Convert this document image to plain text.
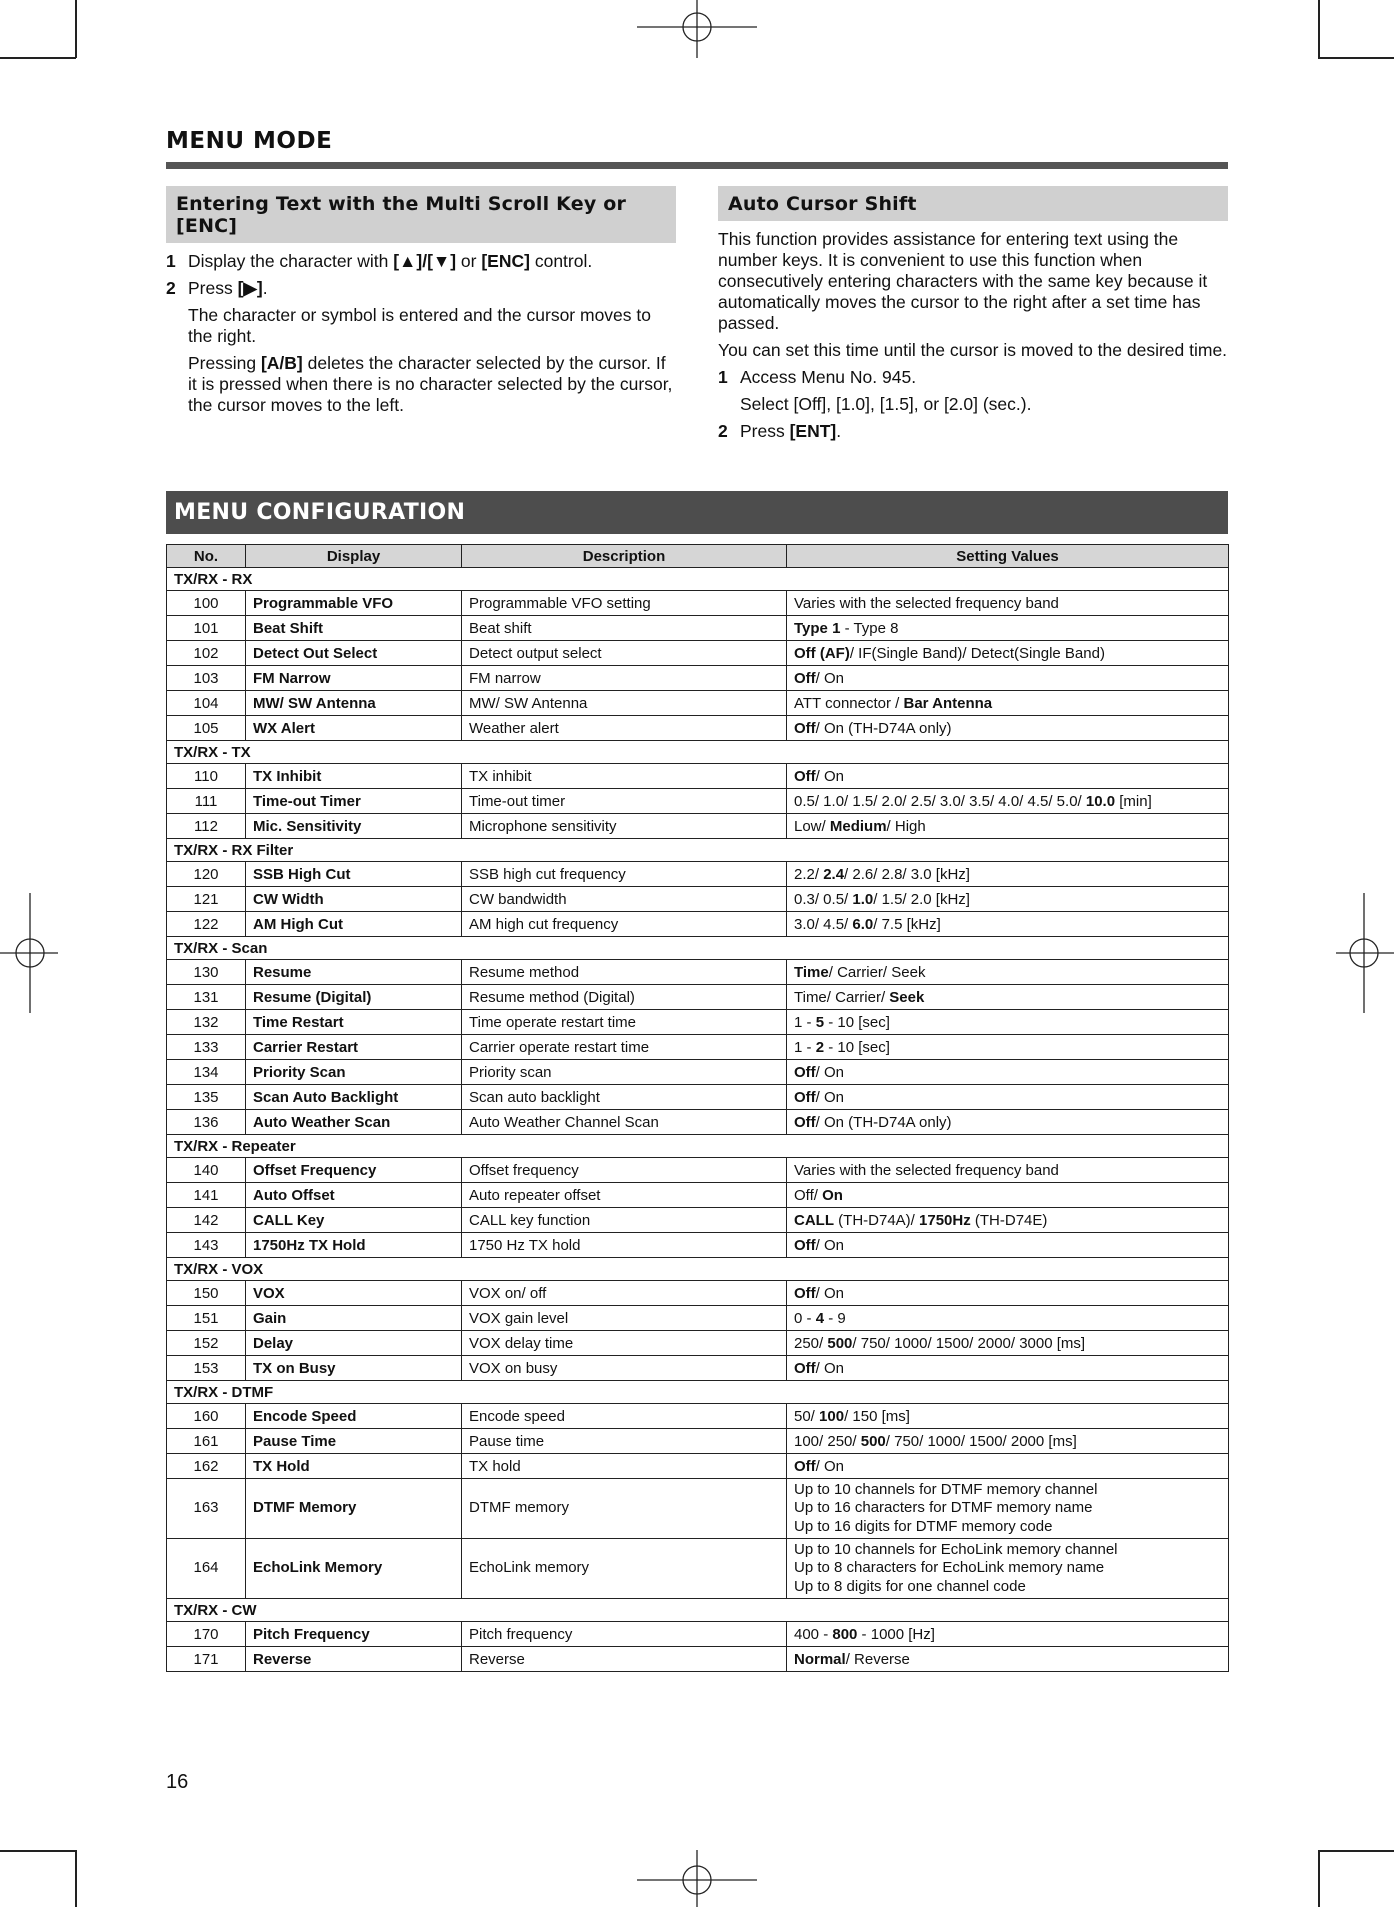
MENU MODE
Entering Text with the Multi Scroll Key or [ENC]
1 Display the character with [▲]/[▼] or [ENC] control.
2 Press [▶].
The character or symbol is entered and the cursor moves to the right.
Pressing [A/B] deletes the character selected by the cursor. If it is pressed when there is no character selected by the cursor, the cursor moves to the left.
Auto Cursor Shift
This function provides assistance for entering text using the number keys. It is convenient to use this function when consecutively entering characters with the same key because it automatically moves the cursor to the right after a set time has passed.
You can set this time until the cursor is moved to the desired time.
1 Access Menu No. 945.
Select [Off], [1.0], [1.5], or [2.0] (sec.).
2 Press [ENT].
MENU CONFIGURATION
No.	Display	Description	Setting Values
TX/RX - RX			
100	Programmable VFO	Programmable VFO setting	Varies with the selected frequency band
101	Beat Shift	Beat shift	Type 1 - Type 8
102	Detect Out Select	Detect output select	Off (AF)/ IF(Single Band)/ Detect(Single Band)
103	FM Narrow	FM narrow	Off/ On
104	MW/ SW Antenna	MW/ SW Antenna	ATT connector / Bar Antenna
105	WX Alert	Weather alert	Off/ On (TH-D74A only)
TX/RX - TX			
110	TX Inhibit	TX inhibit	Off/ On
111	Time-out Timer	Time-out timer	0.5/ 1.0/ 1.5/ 2.0/ 2.5/ 3.0/ 3.5/ 4.0/ 4.5/ 5.0/ 10.0 [min]
112	Mic. Sensitivity	Microphone sensitivity	Low/ Medium/ High
TX/RX - RX Filter			
120	SSB High Cut	SSB high cut frequency	2.2/ 2.4/ 2.6/ 2.8/ 3.0 [kHz]
121	CW Width	CW bandwidth	0.3/ 0.5/ 1.0/ 1.5/ 2.0 [kHz]
122	AM High Cut	AM high cut frequency	3.0/ 4.5/ 6.0/ 7.5 [kHz]
TX/RX - Scan			
130	Resume	Resume method	Time/ Carrier/ Seek
131	Resume (Digital)	Resume method (Digital)	Time/ Carrier/ Seek
132	Time Restart	Time operate restart time	1 - 5 - 10 [sec]
133	Carrier Restart	Carrier operate restart time	1 - 2 - 10 [sec]
134	Priority Scan	Priority scan	Off/ On
135	Scan Auto Backlight	Scan auto backlight	Off/ On
136	Auto Weather Scan	Auto Weather Channel Scan	Off/ On (TH-D74A only)
TX/RX - Repeater			
140	Offset Frequency	Offset frequency	Varies with the selected frequency band
141	Auto Offset	Auto repeater offset	Off/ On
142	CALL Key	CALL key function	CALL (TH-D74A)/ 1750Hz (TH-D74E)
143	1750Hz TX Hold	1750 Hz TX hold	Off/ On
TX/RX - VOX			
150	VOX	VOX on/ off	Off/ On
151	Gain	VOX gain level	0 - 4 - 9
152	Delay	VOX delay time	250/ 500/ 750/ 1000/ 1500/ 2000/ 3000 [ms]
153	TX on Busy	VOX on busy	Off/ On
TX/RX - DTMF			
160	Encode Speed	Encode speed	50/ 100/ 150 [ms]
161	Pause Time	Pause time	100/ 250/ 500/ 750/ 1000/ 1500/ 2000 [ms]
162	TX Hold	TX hold	Off/ On
163	DTMF Memory	DTMF memory	Up to 10 channels for DTMF memory channel
Up to 16 characters for DTMF memory name
Up to 16 digits for DTMF memory code

164	EchoLink Memory	EchoLink memory	Up to 10 channels for EchoLink memory channel
Up to 8 characters for EchoLink memory name
Up to 8 digits for one channel code

TX/RX - CW			
170	Pitch Frequency	Pitch frequency	400 - 800 - 1000 [Hz]
171	Reverse	Reverse	Normal/ Reverse
16
